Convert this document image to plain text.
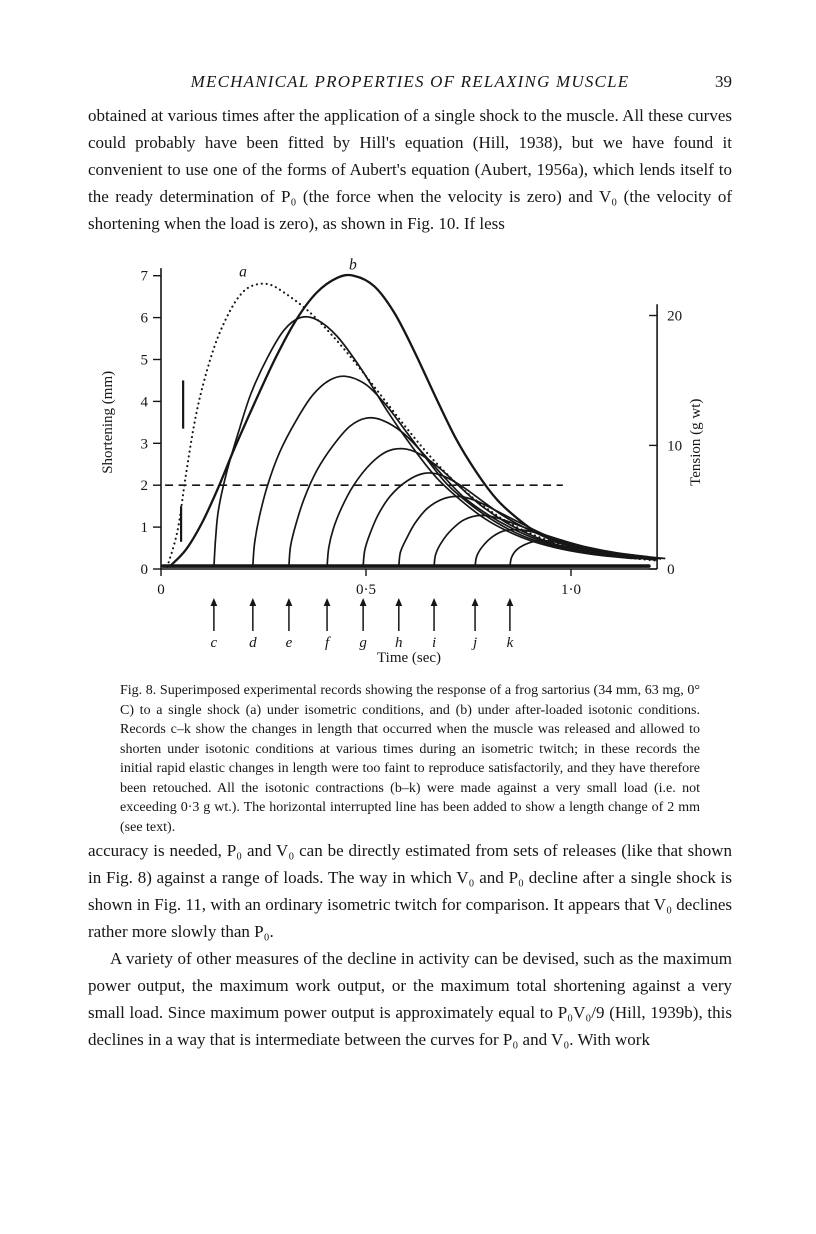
MECHANICAL PROPERTIES OF RELAXING MUSCLE	39

obtained at various times after the application of a single shock to the muscle. All these curves could probably have been fitted by Hill's equation (Hill, 1938), but we have found it convenient to use one of the forms of Aubert's equation (Aubert, 1956a), which lends itself to the ready determination of P₀ (the force when the velocity is zero) and V₀ (the velocity of shortening when the load is zero), as shown in Fig. 10. If less

0
1
2
3
4
5
6
7
Shortening (mm)
0	0·5	1·0
0
10
20
Tension (g wt)
a	b
c d e f g h i j k
Time (sec)
Fig. 8. Superimposed experimental records showing the response of a frog sartorius (34 mm, 63 mg, 0° C) to a single shock (a) under isometric conditions, and (b) under after-loaded isotonic conditions. Records c–k show the changes in length that occurred when the muscle was released and allowed to shorten under isotonic conditions at various times during an isometric twitch; in these records the initial rapid elastic changes in length were too faint to reproduce satisfactorily, and they have therefore been retouched. All the isotonic contractions (b–k) were made against a very small load (i.e. not exceeding 0·3 g wt.). The horizontal interrupted line has been added to show a length change of 2 mm (see text).

accuracy is needed, P₀ and V₀ can be directly estimated from sets of releases (like that shown in Fig. 8) against a range of loads. The way in which V₀ and P₀ decline after a single shock is shown in Fig. 11, with an ordinary isometric twitch for comparison. It appears that V₀ declines rather more slowly than P₀.

A variety of other measures of the decline in activity can be devised, such as the maximum power output, the maximum work output, or the maximum total shortening against a very small load. Since maximum power output is approximately equal to P₀V₀/9 (Hill, 1939b), this declines in a way that is intermediate between the curves for P₀ and V₀. With work
